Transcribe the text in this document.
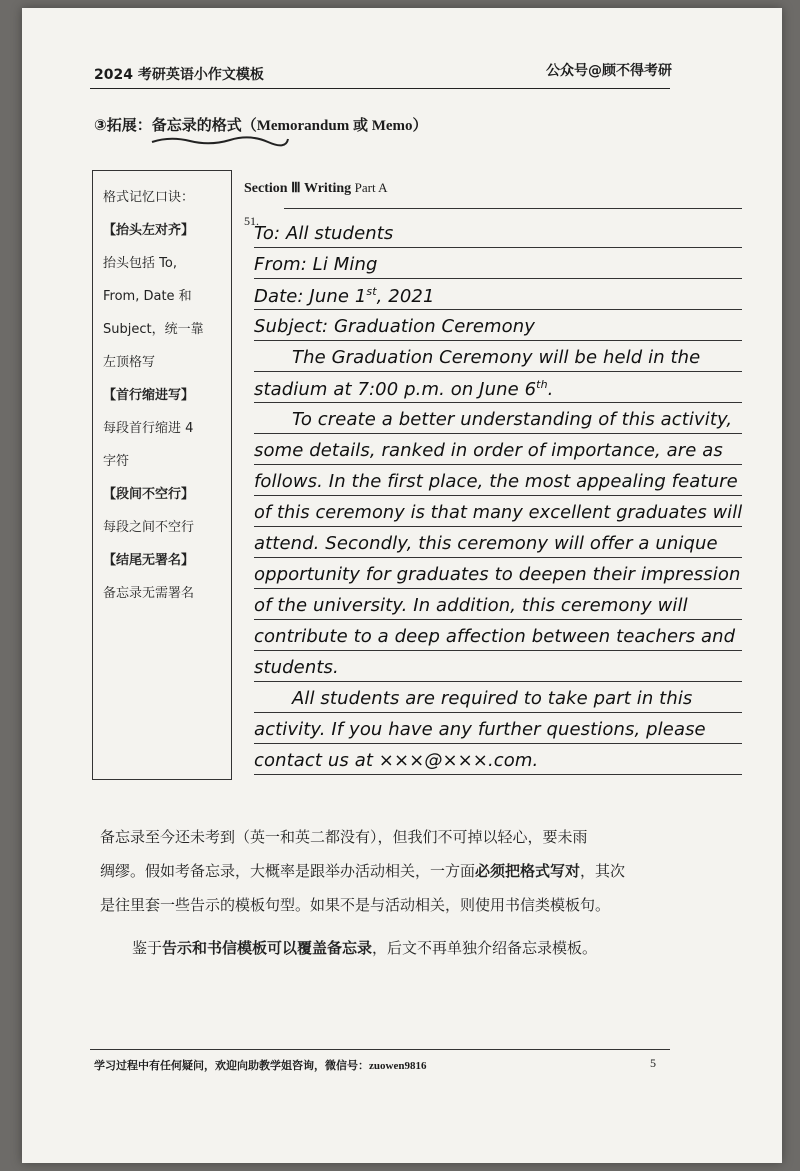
2024 考研英语小作文模板	公众号@顾不得考研
③拓展：备忘录的格式（Memorandum 或 Memo）
格式记忆口诀：
【抬头左对齐】
抬头包括 To,
From, Date 和
Subject，统一靠
左顶格写
【首行缩进写】
每段首行缩进 4
字符
【段间不空行】
每段之间不空行
【结尾无署名】
备忘录无需署名
Section Ⅲ Writing Part A
51.
备忘录至今还未考到（英一和英二都没有），但我们不可掉以轻心，要未雨
绸缪。假如考备忘录，大概率是跟举办活动相关，一方面必须把格式写对，其次
是往里套一些告示的模板句型。如果不是与活动相关，则使用书信类模板句。
鉴于告示和书信模板可以覆盖备忘录，后文不再单独介绍备忘录模板。
学习过程中有任何疑问，欢迎向助教学姐咨询，微信号：zuowen9816	5
To: All students
From: Li Ming
Date: June 1st, 2021
Subject: Graduation Ceremony
The Graduation Ceremony will be held in the
stadium at 7:00 p.m. on June 6th.
To create a better understanding of this activity,
some details, ranked in order of importance, are as
follows. In the first place, the most appealing feature
of this ceremony is that many excellent graduates will
attend. Secondly, this ceremony will offer a unique
opportunity for graduates to deepen their impression
of the university. In addition, this ceremony will
contribute to a deep affection between teachers and
students.
All students are required to take part in this
activity. If you have any further questions, please
contact us at ×××@×××.com.
